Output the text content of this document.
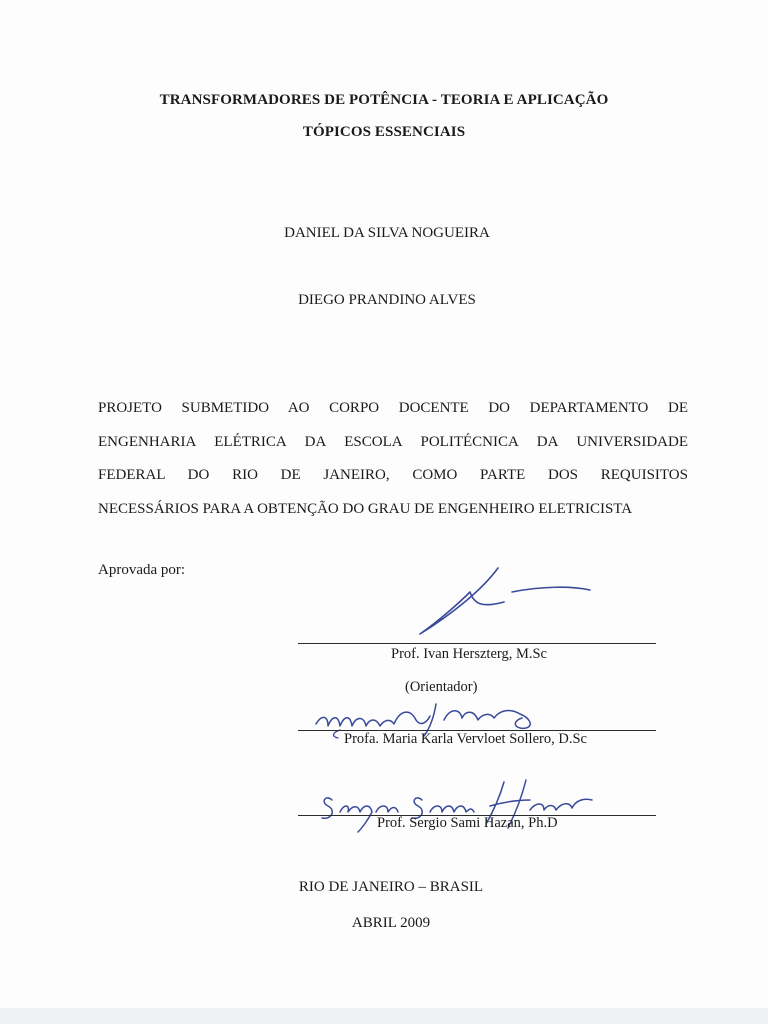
TRANSFORMADORES DE POTÊNCIA - TEORIA E APLICAÇÃO
TÓPICOS ESSENCIAIS
DANIEL DA SILVA NOGUEIRA
DIEGO PRANDINO ALVES
PROJETO SUBMETIDO AO CORPO DOCENTE DO DEPARTAMENTO DE
ENGENHARIA ELÉTRICA DA ESCOLA POLITÉCNICA DA UNIVERSIDADE
FEDERAL DO RIO DE JANEIRO, COMO PARTE DOS REQUISITOS
NECESSÁRIOS PARA A OBTENÇÃO DO GRAU DE ENGENHEIRO ELETRICISTA
Aprovada por:
Prof. Ivan Herszterg, M.Sc
(Orientador)
Profa. Maria Karla Vervloet Sollero, D.Sc
Prof. Sergio Sami Hazan, Ph.D
RIO DE JANEIRO – BRASIL
ABRIL 2009
